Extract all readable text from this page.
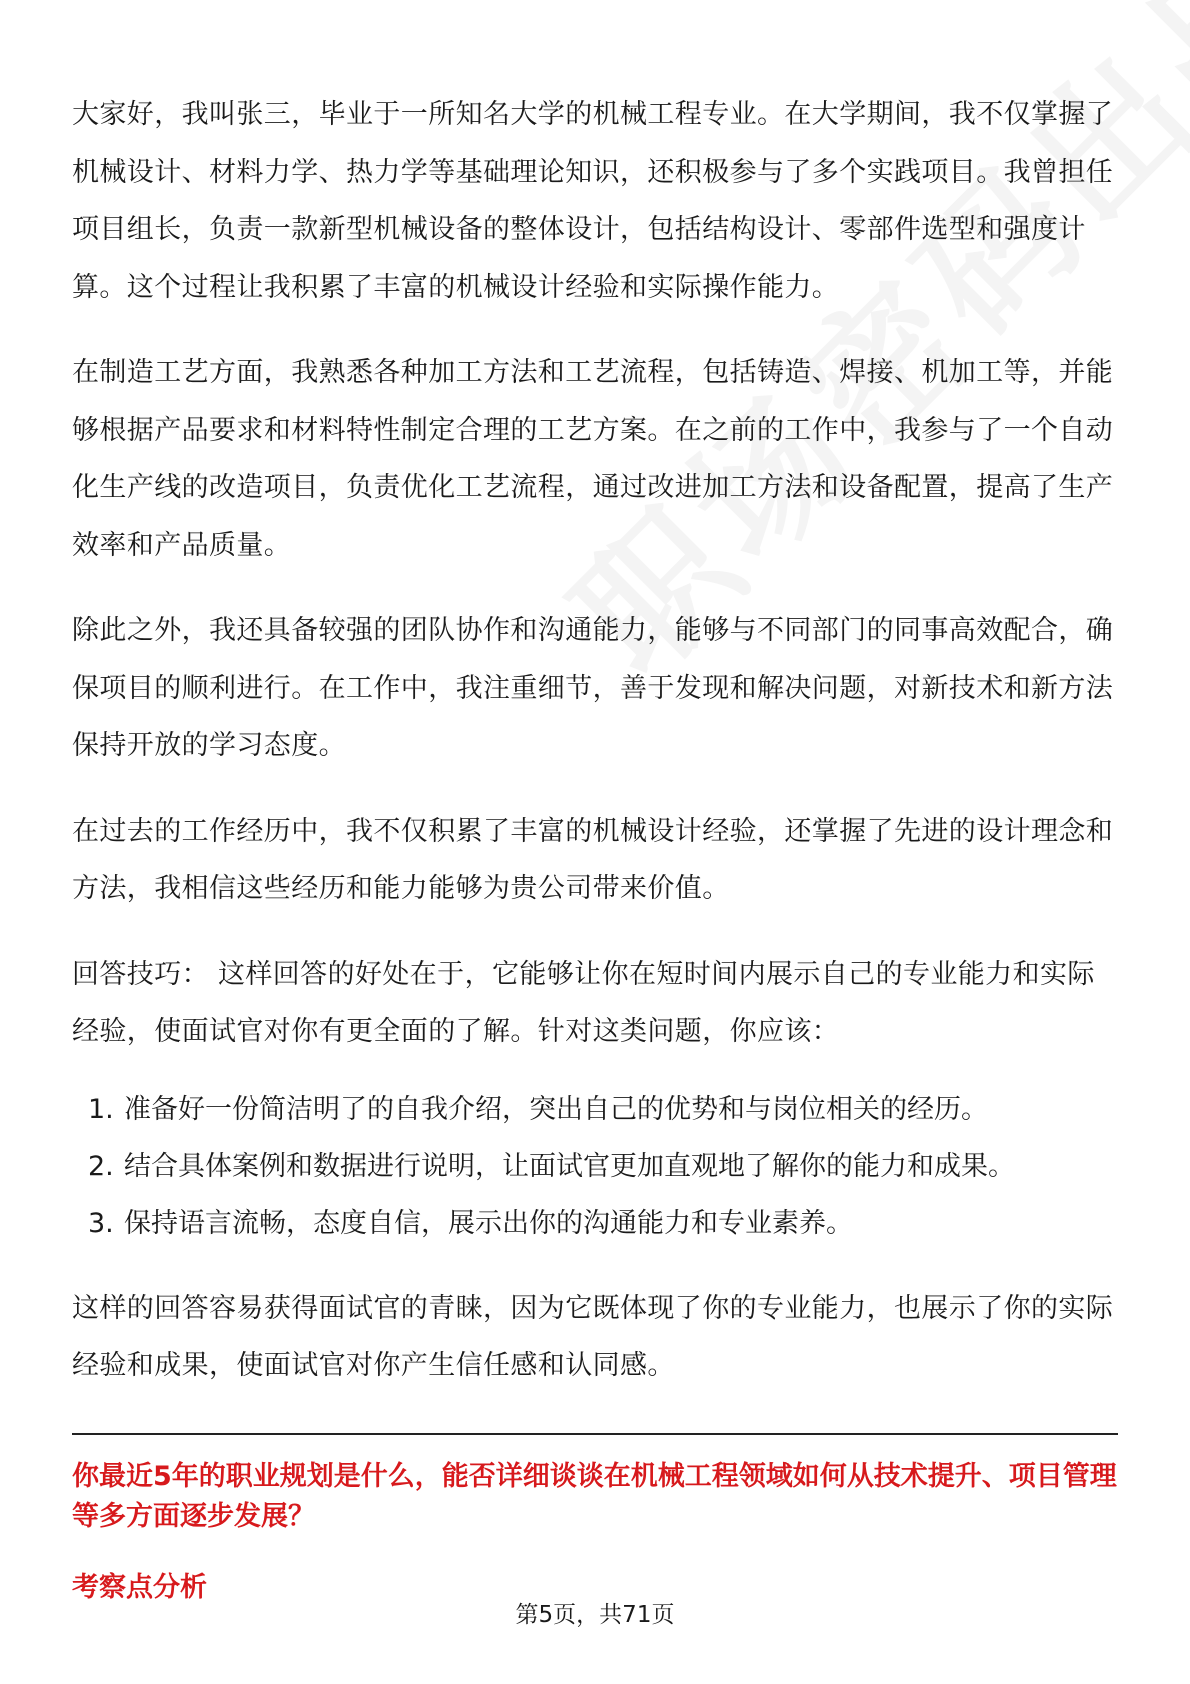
大家好，我叫张三，毕业于一所知名大学的机械工程专业。在大学期间，我不仅掌握了机械设计、材料力学、热力学等基础理论知识，还积极参与了多个实践项目。我曾担任项目组长，负责一款新型机械设备的整体设计，包括结构设计、零部件选型和强度计算。这个过程让我积累了丰富的机械设计经验和实际操作能力。

在制造工艺方面，我熟悉各种加工方法和工艺流程，包括铸造、焊接、机加工等，并能够根据产品要求和材料特性制定合理的工艺方案。在之前的工作中，我参与了一个自动化生产线的改造项目，负责优化工艺流程，通过改进加工方法和设备配置，提高了生产效率和产品质量。

除此之外，我还具备较强的团队协作和沟通能力，能够与不同部门的同事高效配合，确保项目的顺利进行。在工作中，我注重细节，善于发现和解决问题，对新技术和新方法保持开放的学习态度。

在过去的工作经历中，我不仅积累了丰富的机械设计经验，还掌握了先进的设计理念和方法，我相信这些经历和能力能够为贵公司带来价值。

回答技巧： 这样回答的好处在于，它能够让你在短时间内展示自己的专业能力和实际经验，使面试官对你有更全面的了解。针对这类问题，你应该：

1. 准备好一份简洁明了的自我介绍，突出自己的优势和与岗位相关的经历。
2. 结合具体案例和数据进行说明，让面试官更加直观地了解你的能力和成果。
3. 保持语言流畅，态度自信，展示出你的沟通能力和专业素养。

这样的回答容易获得面试官的青睐，因为它既体现了你的专业能力，也展示了你的实际经验和成果，使面试官对你产生信任感和认同感。

你最近5年的职业规划是什么，能否详细谈谈在机械工程领域如何从技术提升、项目管理等多方面逐步发展？

考察点分析

第5页，共71页
